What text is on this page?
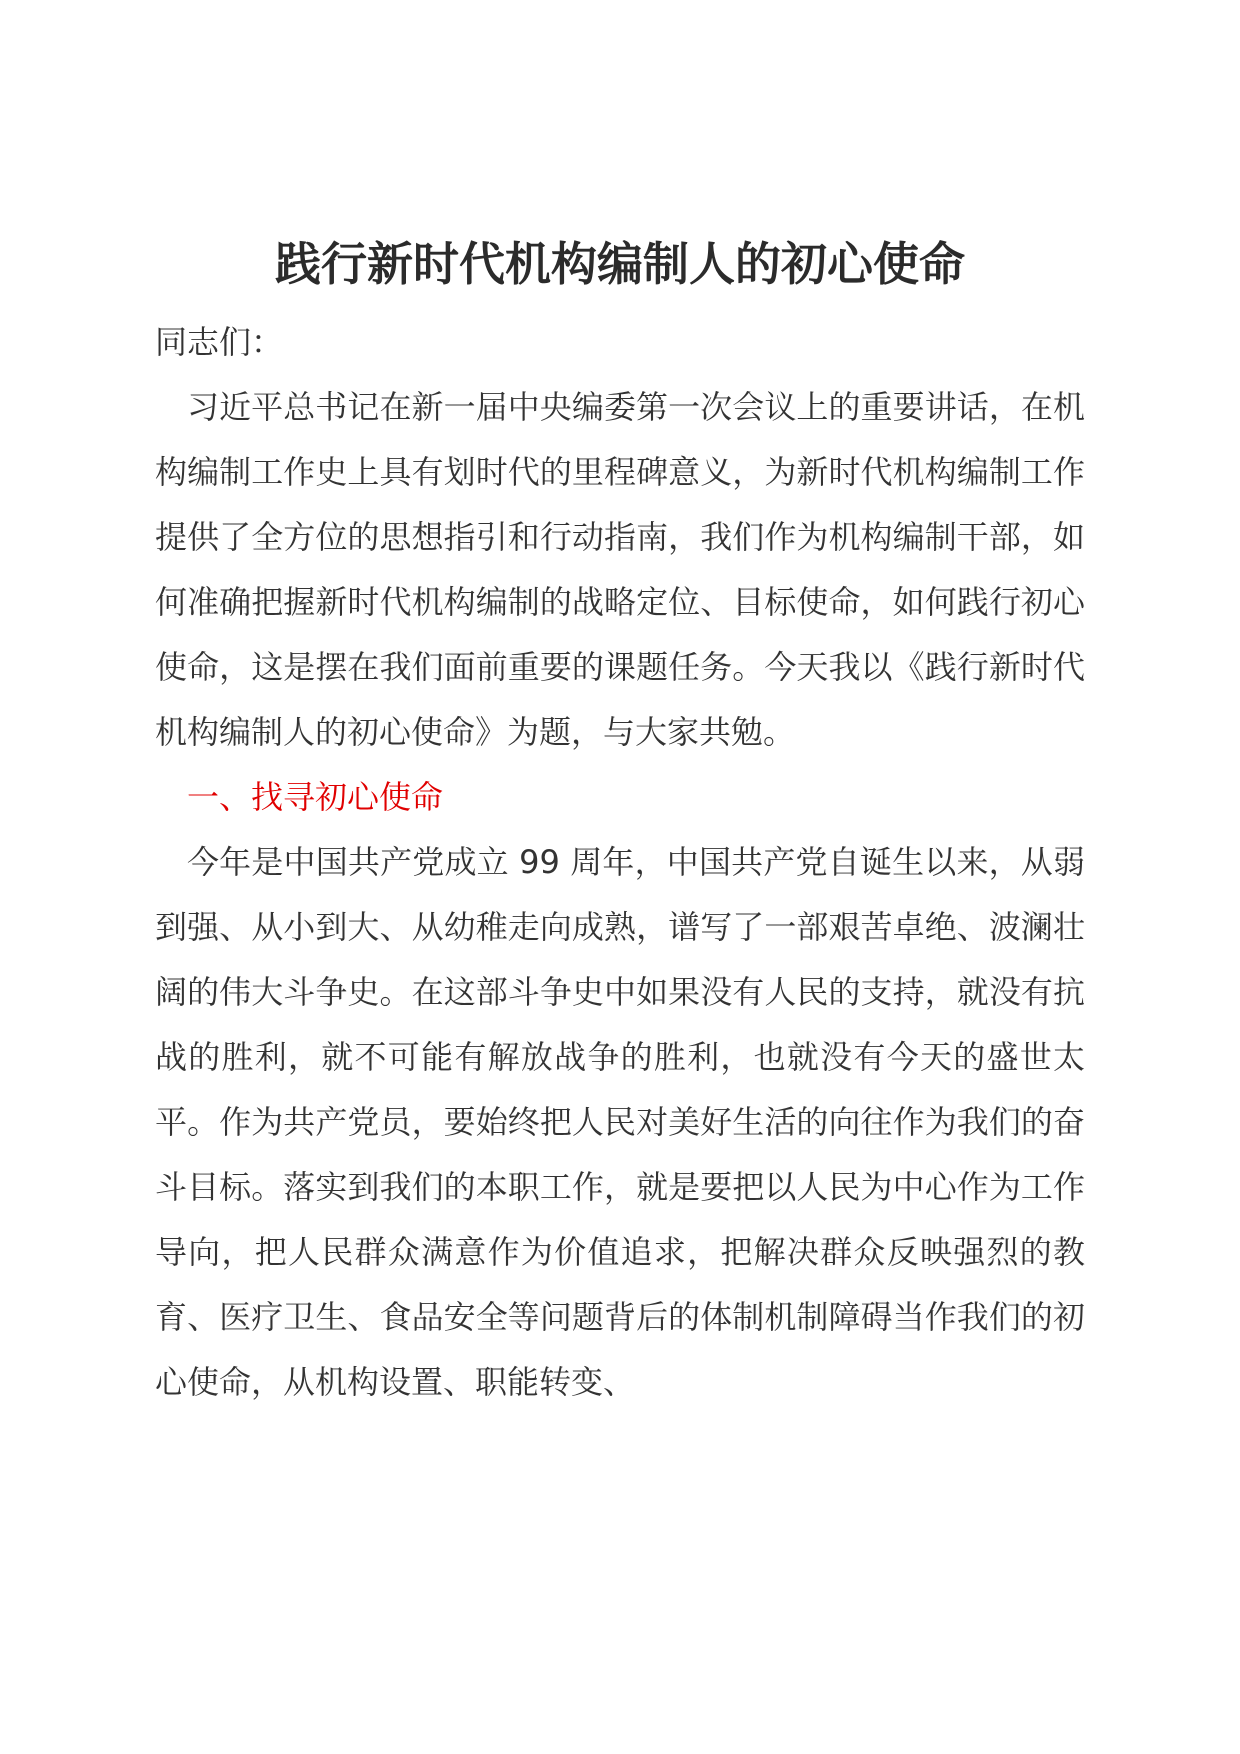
践行新时代机构编制人的初心使命

同志们：

习近平总书记在新一届中央编委第一次会议上的重要讲话，在机构编制工作史上具有划时代的里程碑意义，为新时代机构编制工作提供了全方位的思想指引和行动指南，我们作为机构编制干部，如何准确把握新时代机构编制的战略定位、目标使命，如何践行初心使命，这是摆在我们面前重要的课题任务。今天我以《践行新时代机构编制人的初心使命》为题，与大家共勉。

一、找寻初心使命

今年是中国共产党成立 99 周年，中国共产党自诞生以来，从弱到强、从小到大、从幼稚走向成熟，谱写了一部艰苦卓绝、波澜壮阔的伟大斗争史。在这部斗争史中如果没有人民的支持，就没有抗战的胜利，就不可能有解放战争的胜利，也就没有今天的盛世太平。作为共产党员，要始终把人民对美好生活的向往作为我们的奋斗目标。落实到我们的本职工作，就是要把以人民为中心作为工作导向，把人民群众满意作为价值追求，把解决群众反映强烈的教育、医疗卫生、食品安全等问题背后的体制机制障碍当作我们的初心使命，从机构设置、职能转变、
